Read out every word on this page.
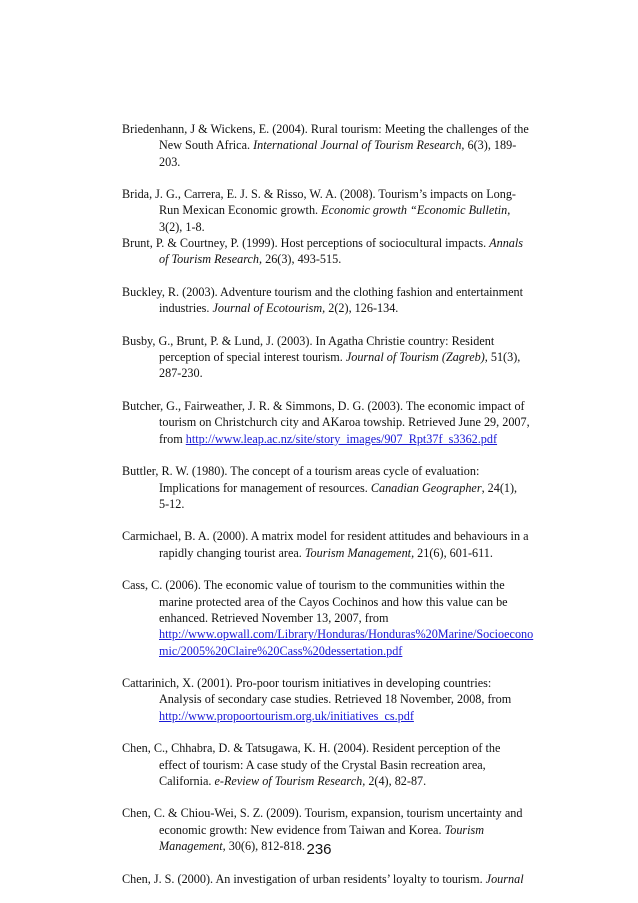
Briedenhann, J & Wickens, E. (2004). Rural tourism: Meeting the challenges of the
New South Africa. International Journal of Tourism Research, 6(3), 189-
203.
Brida, J. G., Carrera, E. J. S. & Risso, W. A. (2008). Tourism’s impacts on Long-
Run Mexican Economic growth. Economic growth “Economic Bulletin,
3(2), 1-8.
Brunt, P. & Courtney, P. (1999). Host perceptions of sociocultural impacts. Annals
of Tourism Research, 26(3), 493-515.
Buckley, R. (2003). Adventure tourism and the clothing fashion and entertainment
industries. Journal of Ecotourism, 2(2), 126-134.
Busby, G., Brunt, P. & Lund, J. (2003). In Agatha Christie country: Resident
perception of special interest tourism. Journal of Tourism (Zagreb), 51(3),
287-230.
Butcher, G., Fairweather, J. R. & Simmons, D. G. (2003). The economic impact of
tourism on Christchurch city and AKaroa towship. Retrieved June 29, 2007,
from http://www.leap.ac.nz/site/story_images/907_Rpt37f_s3362.pdf
Buttler, R. W. (1980). The concept of a tourism areas cycle of evaluation:
Implications for management of resources. Canadian Geographer, 24(1),
5-12.
Carmichael, B. A. (2000). A matrix model for resident attitudes and behaviours in a
rapidly changing tourist area. Tourism Management, 21(6), 601-611.
Cass, C. (2006). The economic value of tourism to the communities within the
marine protected area of the Cayos Cochinos and how this value can be
enhanced. Retrieved November 13, 2007, from
http://www.opwall.com/Library/Honduras/Honduras%20Marine/Socioecono
mic/2005%20Claire%20Cass%20dessertation.pdf
Cattarinich, X. (2001). Pro-poor tourism initiatives in developing countries:
Analysis of secondary case studies. Retrieved 18 November, 2008, from
http://www.propoortourism.org.uk/initiatives_cs.pdf
Chen, C., Chhabra, D. & Tatsugawa, K. H. (2004). Resident perception of the
effect of tourism: A case study of the Crystal Basin recreation area,
California. e-Review of Tourism Research, 2(4), 82-87.
Chen, C. & Chiou-Wei, S. Z. (2009). Tourism, expansion, tourism uncertainty and
economic growth: New evidence from Taiwan and Korea. Tourism
Management, 30(6), 812-818.
Chen, J. S. (2000). An investigation of urban residents’ loyalty to tourism. Journal
236
